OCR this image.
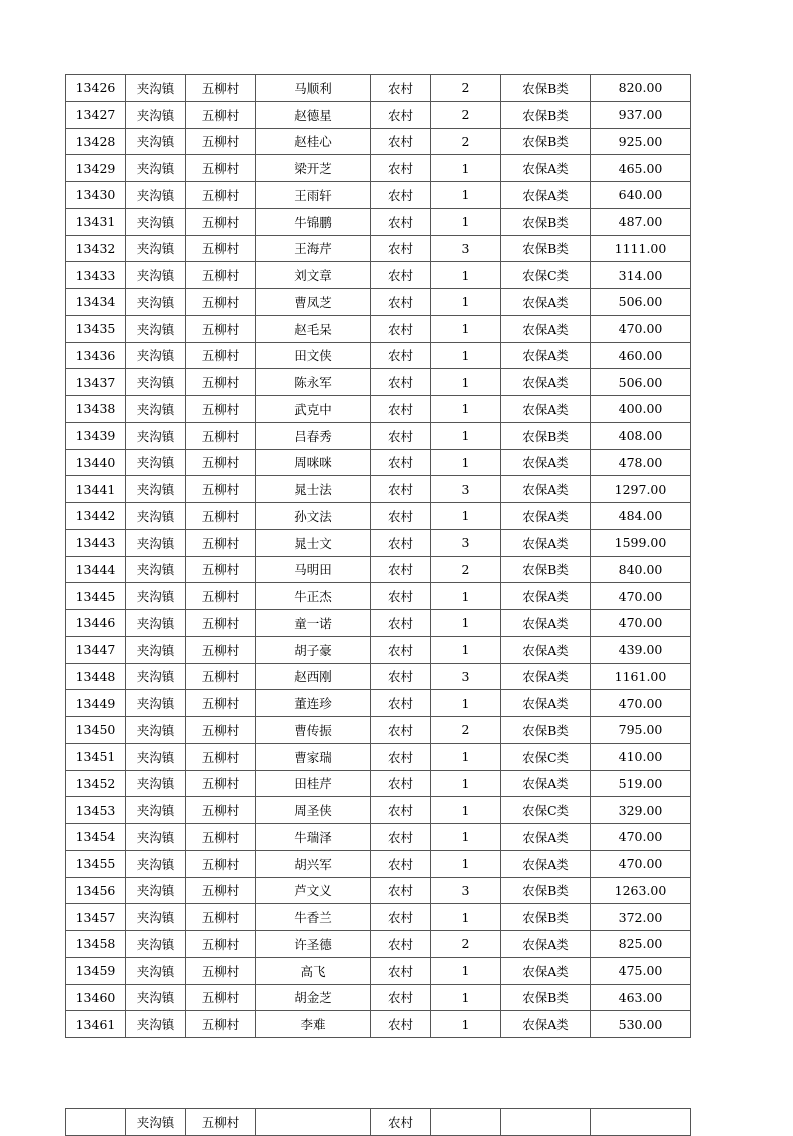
13426	夹沟镇	五柳村	马顺利	农村	2	农保B类	820.00
13427	夹沟镇	五柳村	赵德星	农村	2	农保B类	937.00
13428	夹沟镇	五柳村	赵桂心	农村	2	农保B类	925.00
13429	夹沟镇	五柳村	梁开芝	农村	1	农保A类	465.00
13430	夹沟镇	五柳村	王雨轩	农村	1	农保A类	640.00
13431	夹沟镇	五柳村	牛锦鹏	农村	1	农保B类	487.00
13432	夹沟镇	五柳村	王海芹	农村	3	农保B类	1111.00
13433	夹沟镇	五柳村	刘文章	农村	1	农保C类	314.00
13434	夹沟镇	五柳村	曹凤芝	农村	1	农保A类	506.00
13435	夹沟镇	五柳村	赵毛呆	农村	1	农保A类	470.00
13436	夹沟镇	五柳村	田文侠	农村	1	农保A类	460.00
13437	夹沟镇	五柳村	陈永军	农村	1	农保A类	506.00
13438	夹沟镇	五柳村	武克中	农村	1	农保A类	400.00
13439	夹沟镇	五柳村	吕春秀	农村	1	农保B类	408.00
13440	夹沟镇	五柳村	周咪咪	农村	1	农保A类	478.00
13441	夹沟镇	五柳村	晁士法	农村	3	农保A类	1297.00
13442	夹沟镇	五柳村	孙文法	农村	1	农保A类	484.00
13443	夹沟镇	五柳村	晁士文	农村	3	农保A类	1599.00
13444	夹沟镇	五柳村	马明田	农村	2	农保B类	840.00
13445	夹沟镇	五柳村	牛正杰	农村	1	农保A类	470.00
13446	夹沟镇	五柳村	童一诺	农村	1	农保A类	470.00
13447	夹沟镇	五柳村	胡子豪	农村	1	农保A类	439.00
13448	夹沟镇	五柳村	赵西刚	农村	3	农保A类	1161.00
13449	夹沟镇	五柳村	董连珍	农村	1	农保A类	470.00
13450	夹沟镇	五柳村	曹传振	农村	2	农保B类	795.00
13451	夹沟镇	五柳村	曹家瑞	农村	1	农保C类	410.00
13452	夹沟镇	五柳村	田桂芹	农村	1	农保A类	519.00
13453	夹沟镇	五柳村	周圣侠	农村	1	农保C类	329.00
13454	夹沟镇	五柳村	牛瑞泽	农村	1	农保A类	470.00
13455	夹沟镇	五柳村	胡兴军	农村	1	农保A类	470.00
13456	夹沟镇	五柳村	芦文义	农村	3	农保B类	1263.00
13457	夹沟镇	五柳村	牛香兰	农村	1	农保B类	372.00
13458	夹沟镇	五柳村	许圣德	农村	2	农保A类	825.00
13459	夹沟镇	五柳村	高飞	农村	1	农保A类	475.00
13460	夹沟镇	五柳村	胡金芝	农村	1	农保B类	463.00
13461	夹沟镇	五柳村	李难	农村	1	农保A类	530.00
	夹沟镇	五柳村		农村			
